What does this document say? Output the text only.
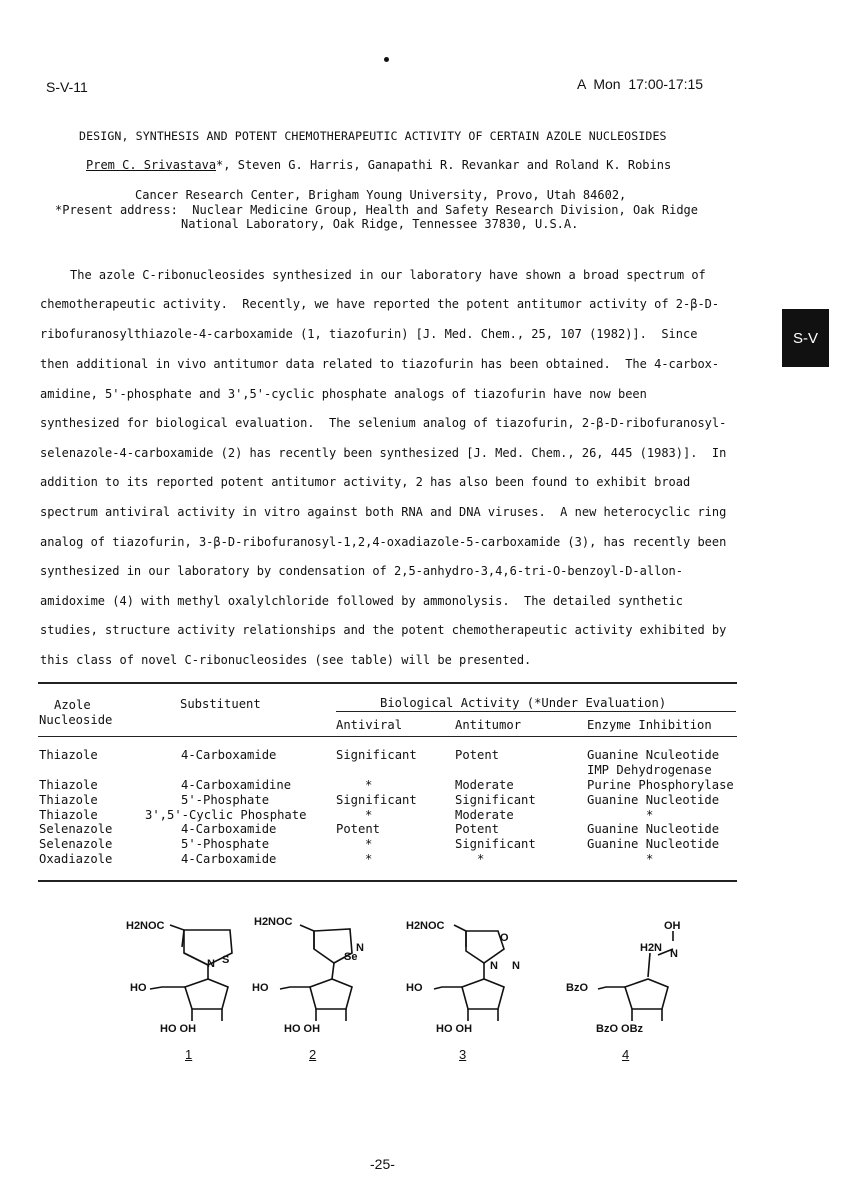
S-V-11	A  Mon  17:00-17:15
S-V
DESIGN, SYNTHESIS AND POTENT CHEMOTHERAPEUTIC ACTIVITY OF CERTAIN AZOLE NUCLEOSIDES
Prem C. Srivastava*, Steven G. Harris, Ganapathi R. Revankar and Roland K. Robins
Cancer Research Center, Brigham Young University, Provo, Utah 84602,
*Present address: Nuclear Medicine Group, Health and Safety Research Division, Oak Ridge
National Laboratory, Oak Ridge, Tennessee 37830, U.S.A.
The azole C-ribonucleosides synthesized in our laboratory have shown a broad spectrum of
chemotherapeutic activity.  Recently, we have reported the potent antitumor activity of 2-β-D-
ribofuranosylthiazole-4-carboxamide (1, tiazofurin) [J. Med. Chem., 25, 107 (1982)].  Since
then additional in vivo antitumor data related to tiazofurin has been obtained.  The 4-carbox-
amidine, 5'-phosphate and 3',5'-cyclic phosphate analogs of tiazofurin have now been
synthesized for biological evaluation.  The selenium analog of tiazofurin, 2-β-D-ribofuranosyl-
selenazole-4-carboxamide (2) has recently been synthesized [J. Med. Chem., 26, 445 (1983)].  In
addition to its reported potent antitumor activity, 2 has also been found to exhibit broad
spectrum antiviral activity in vitro against both RNA and DNA viruses.  A new heterocyclic ring
analog of tiazofurin, 3-β-D-ribofuranosyl-1,2,4-oxadiazole-5-carboxamide (3), has recently been
synthesized in our laboratory by condensation of 2,5-anhydro-3,4,6-tri-O-benzoyl-D-allon-
amidoxime (4) with methyl oxalylchloride followed by ammonolysis.  The detailed synthetic
studies, structure activity relationships and the potent chemotherapeutic activity exhibited by
this class of novel C-ribonucleosides (see table) will be presented.
Azole
Nucleoside
Substituent	Biological Activity (*Under Evaluation)
Antiviral	Antitumor	Enzyme Inhibition
Thiazole	4-Carboxamide	Significant	Potent	Guanine Nculeotide
IMP Dehydrogenase
Thiazole	4-Carboxamidine	*	Moderate	Purine Phosphorylase
Thiazole	5'-Phosphate	Significant	Significant	Guanine Nucleotide
Thiazole	3',5'-Cyclic Phosphate	*	Moderate	*
Selenazole	4-Carboxamide	Potent	Potent	Guanine Nucleotide
Selenazole	5'-Phosphate	*	Significant	Guanine Nucleotide
Oxadiazole	4-Carboxamide	*	*	*
H2NOC
S
HO
HO OH
H2NOC
Se
HO
HO OH
H2NOC
O
HO
HO OH
OH
H2N
BzO
BzO OBz
N
N
N
N
N
1	2	3	4
-25-
